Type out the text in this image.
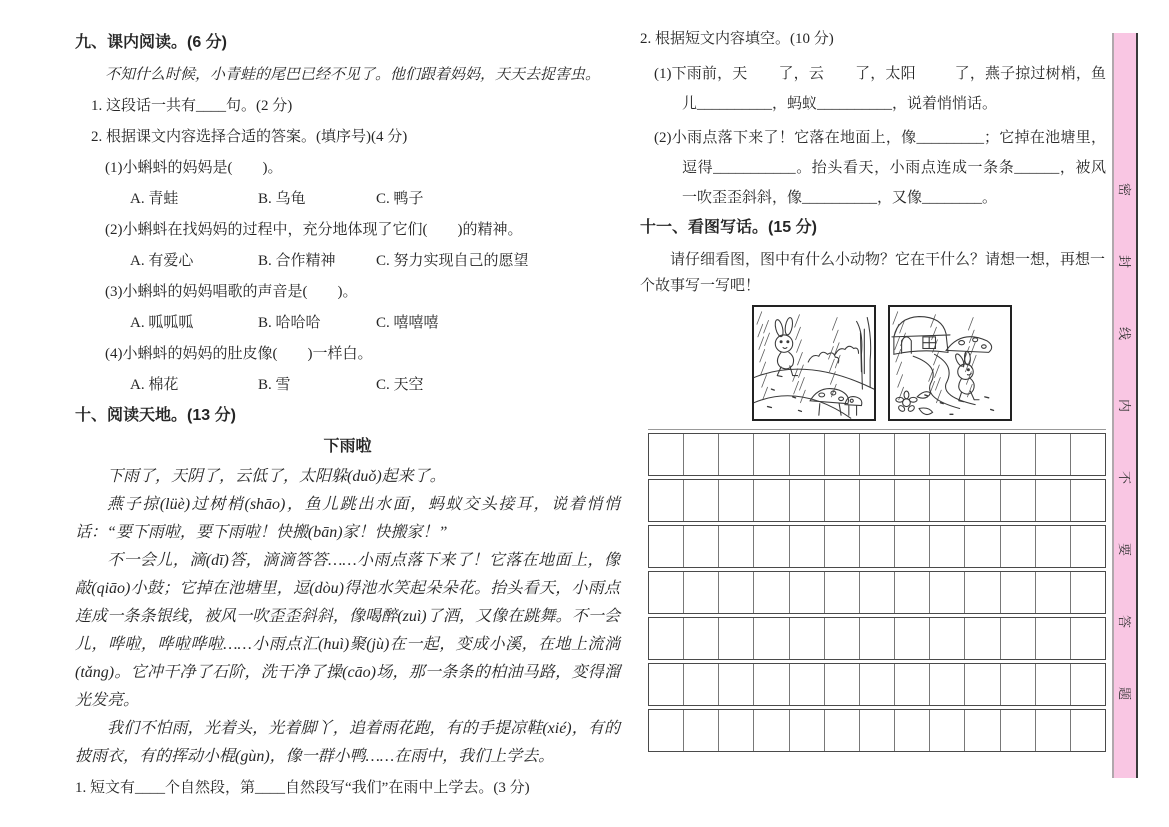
九、课内阅读。(6 分)

不知什么时候，小青蛙的尾巴已经不见了。他们跟着妈妈，天天去捉害虫。

1. 这段话一共有____句。(2 分)
2. 根据课文内容选择合适的答案。(填序号)(4 分)
(1)小蝌蚪的妈妈是(        )。
A. 青蛙	B. 乌龟	C. 鸭子
(2)小蝌蚪在找妈妈的过程中，充分地体现了它们(        )的精神。
A. 有爱心	B. 合作精神	C. 努力实现自己的愿望
(3)小蝌蚪的妈妈唱歌的声音是(        )。
A. 呱呱呱	B. 哈哈哈	C. 嘻嘻嘻
(4)小蝌蚪的妈妈的肚皮像(        )一样白。
A. 棉花	B. 雪	C. 天空
十、阅读天地。(13 分)
下雨啦

下雨了，天阴了，云低了，太阳躲(duǒ)起来了。

燕子掠(lüè)过树梢(shāo)，鱼儿跳出水面，蚂蚁交头接耳，说着悄悄话：“要下雨啦，要下雨啦！快搬(bān)家！快搬家！”

不一会儿，滴(dī)答，滴滴答答……小雨点落下来了！它落在地面上，像敲(qiāo)小鼓；它掉在池塘里，逗(dòu)得池水笑起朵朵花。抬头看天，小雨点连成一条条银线，被风一吹歪歪斜斜，像喝醉(zuì)了酒，又像在跳舞。不一会儿，哗啦，哗啦哗啦……小雨点汇(huì)聚(jù)在一起，变成小溪，在地上流淌(tǎng)。它冲干净了石阶，洗干净了操(cāo)场，那一条条的柏油马路，变得溜光发亮。

我们不怕雨，光着头，光着脚丫，追着雨花跑，有的手提凉鞋(xié)，有的披雨衣，有的挥动小棍(gùn)，像一群小鸭……在雨中，我们上学去。

1. 短文有____个自然段，第____自然段写“我们”在雨中上学去。(3 分)
2. 根据短文内容填空。(10 分)
(1)下雨前，天        了，云        了，太阳          了，燕子掠过树梢，鱼儿__________，蚂蚁__________，说着悄悄话。
(2)小雨点落下来了！它落在地面上，像_________；它掉在池塘里，逗得___________。抬头看天，小雨点连成一条条______，被风一吹歪歪斜斜，像__________，又像________。
十一、看图写话。(15 分)
请仔细看图，图中有什么小动物？它在干什么？请想一想，再想一个故事写一写吧！
密
封
线
内
不
要
答
题
